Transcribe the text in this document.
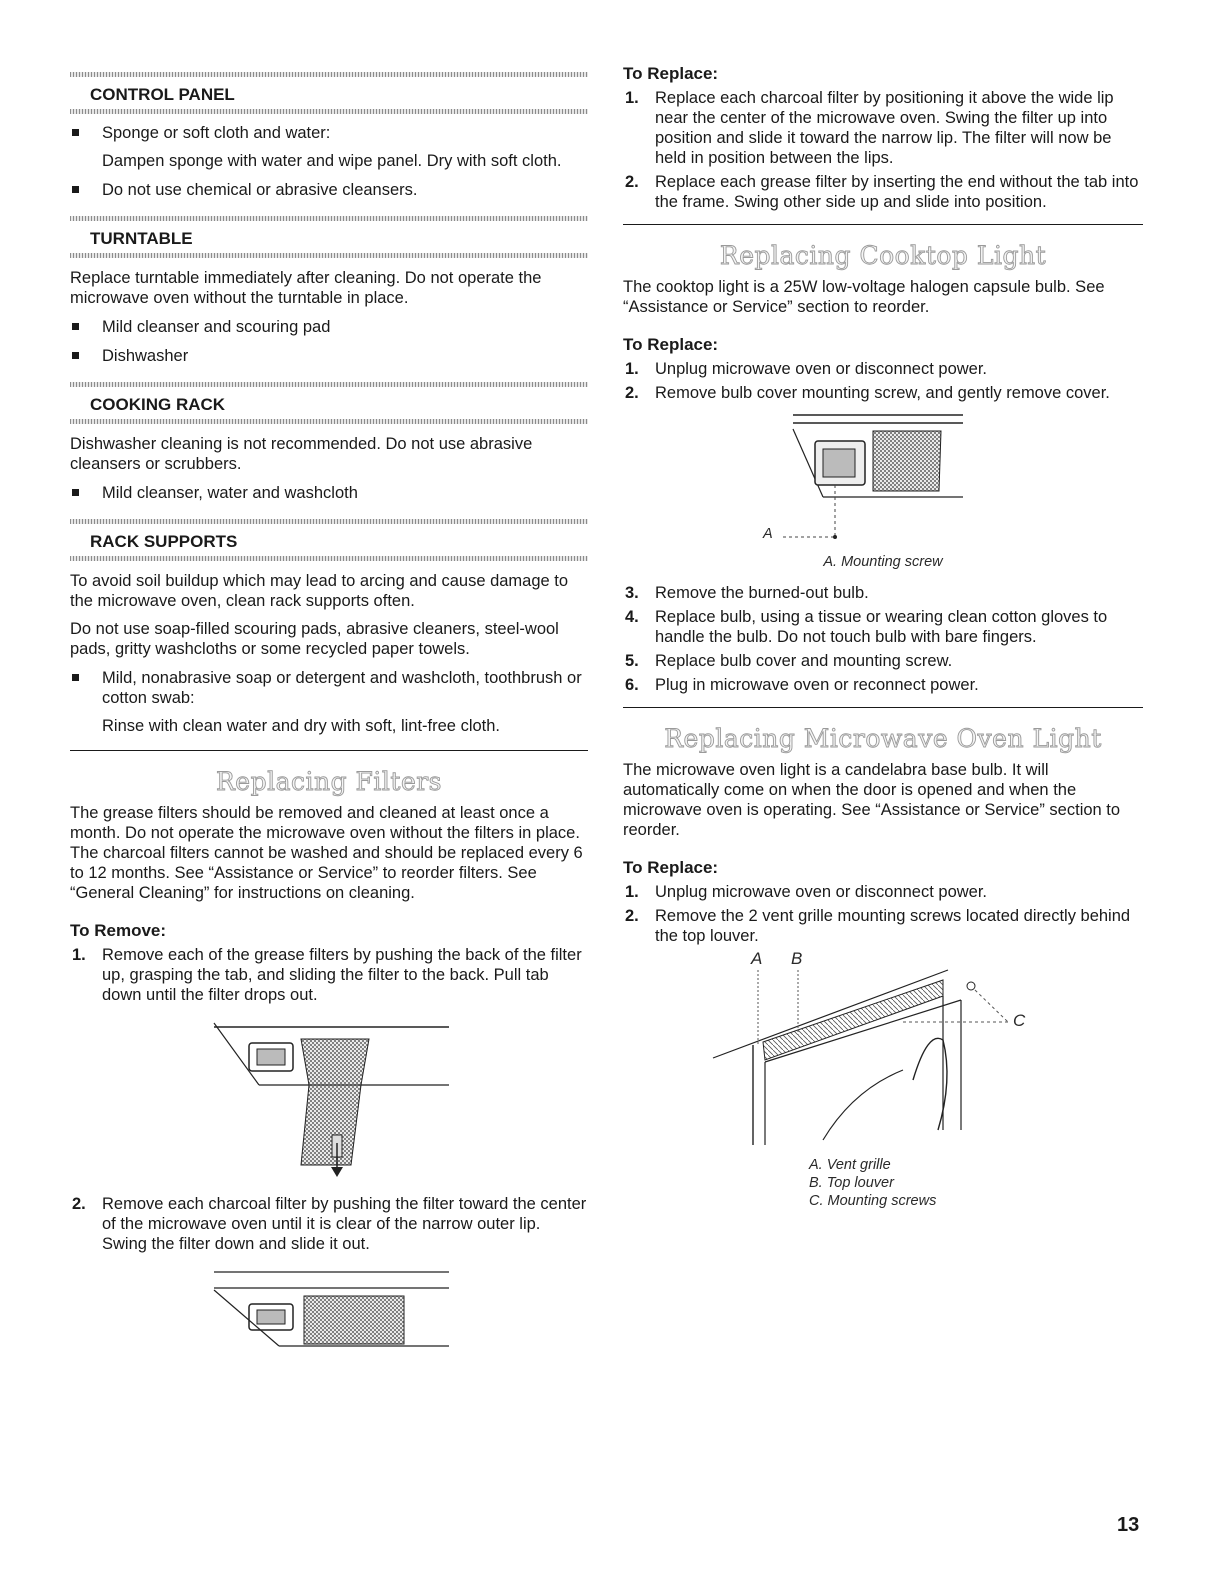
CONTROL PANEL
Sponge or soft cloth and water:
Dampen sponge with water and wipe panel. Dry with soft cloth.
Do not use chemical or abrasive cleansers.
TURNTABLE
Replace turntable immediately after cleaning. Do not operate the microwave oven without the turntable in place.
Mild cleanser and scouring pad
Dishwasher
COOKING RACK
Dishwasher cleaning is not recommended. Do not use abrasive cleansers or scrubbers.
Mild cleanser, water and washcloth
RACK SUPPORTS
To avoid soil buildup which may lead to arcing and cause damage to the microwave oven, clean rack supports often.
Do not use soap-filled scouring pads, abrasive cleaners, steel-wool pads, gritty washcloths or some recycled paper towels.
Mild, nonabrasive soap or detergent and washcloth, toothbrush or cotton swab:
Rinse with clean water and dry with soft, lint-free cloth.
Replacing Filters
The grease filters should be removed and cleaned at least once a month. Do not operate the microwave oven without the filters in place. The charcoal filters cannot be washed and should be replaced every 6 to 12 months. See “Assistance or Service” to reorder filters. See “General Cleaning” for instructions on cleaning.
To Remove:
1. Remove each of the grease filters by pushing the back of the filter up, grasping the tab, and sliding the filter to the back. Pull tab down until the filter drops out.
2. Remove each charcoal filter by pushing the filter toward the center of the microwave oven until it is clear of the narrow outer lip. Swing the filter down and slide it out.
To Replace:
1. Replace each charcoal filter by positioning it above the wide lip near the center of the microwave oven. Swing the filter up into position and slide it toward the narrow lip. The filter will now be held in position between the lips.
2. Replace each grease filter by inserting the end without the tab into the frame. Swing other side up and slide into position.
Replacing Cooktop Light
The cooktop light is a 25W low-voltage halogen capsule bulb. See “Assistance or Service” section to reorder.
To Replace:
1. Unplug microwave oven or disconnect power.
2. Remove bulb cover mounting screw, and gently remove cover.
A
A. Mounting screw
3. Remove the burned-out bulb.
4. Replace bulb, using a tissue or wearing clean cotton gloves to handle the bulb. Do not touch bulb with bare fingers.
5. Replace bulb cover and mounting screw.
6. Plug in microwave oven or reconnect power.
Replacing Microwave Oven Light
The microwave oven light is a candelabra base bulb. It will automatically come on when the door is opened and when the microwave oven is operating. See “Assistance or Service” section to reorder.
To Replace:
1. Unplug microwave oven or disconnect power.
2. Remove the 2 vent grille mounting screws located directly behind the top louver.
A B
C
A. Vent grille
B. Top louver
C. Mounting screws
13
